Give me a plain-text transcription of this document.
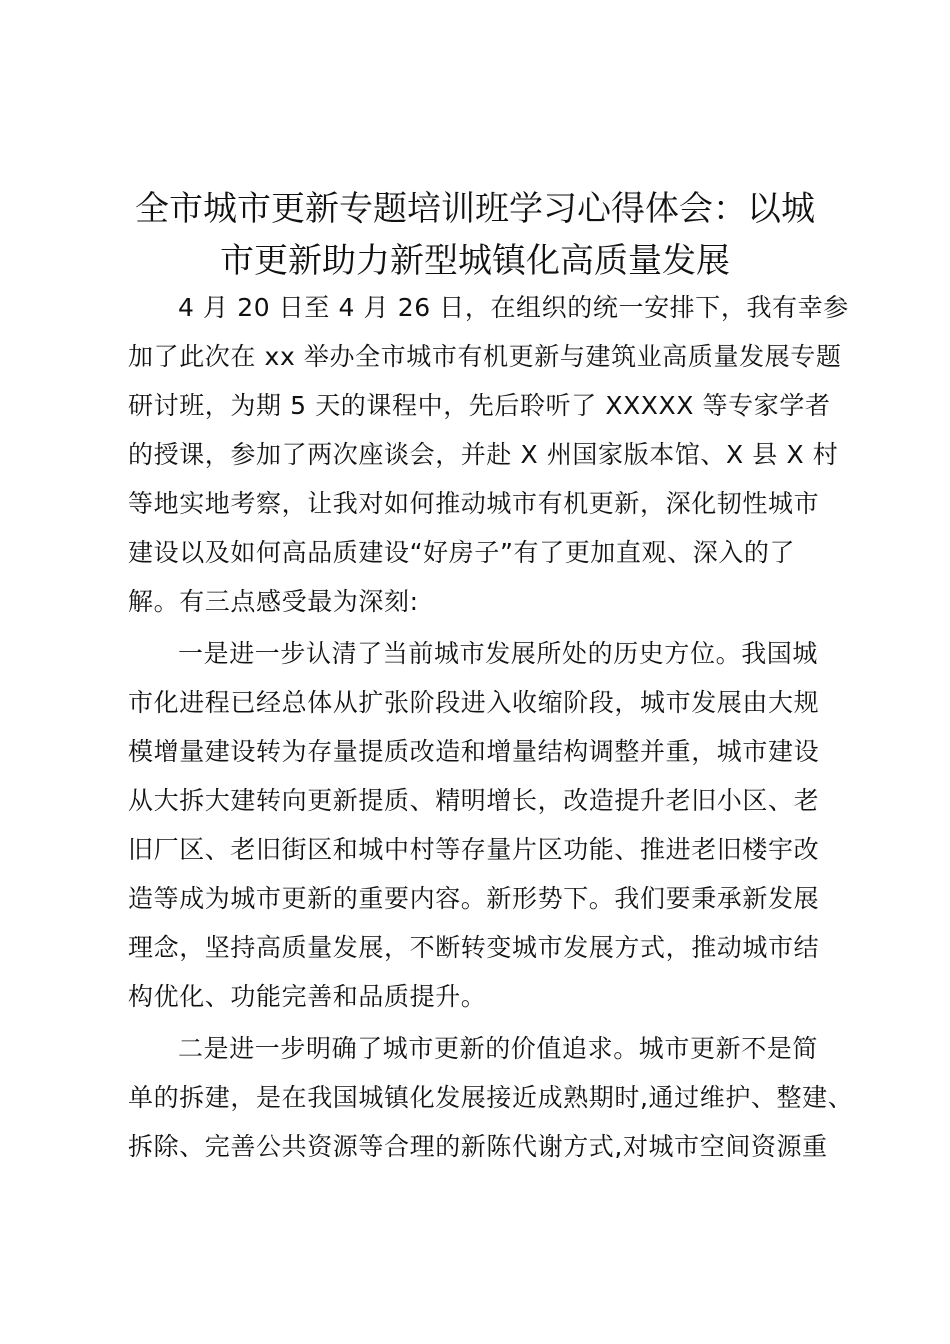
全市城市更新专题培训班学习心得体会：以城
市更新助力新型城镇化高质量发展

4 月 20 日至 4 月 26 日，在组织的统一安排下，我有幸参
加了此次在 xx 举办全市城市有机更新与建筑业高质量发展专题
研讨班，为期 5 天的课程中，先后聆听了 XXXXX 等专家学者
的授课，参加了两次座谈会，并赴 X 州国家版本馆、X 县 X 村
等地实地考察，让我对如何推动城市有机更新，深化韧性城市
建设以及如何高品质建设“好房子”有了更加直观、深入的了
解。有三点感受最为深刻:

一是进一步认清了当前城市发展所处的历史方位。我国城
市化进程已经总体从扩张阶段进入收缩阶段，城市发展由大规
模增量建设转为存量提质改造和增量结构调整并重，城市建设
从大拆大建转向更新提质、精明增长，改造提升老旧小区、老
旧厂区、老旧街区和城中村等存量片区功能、推进老旧楼宇改
造等成为城市更新的重要内容。新形势下。我们要秉承新发展
理念，坚持高质量发展，不断转变城市发展方式，推动城市结
构优化、功能完善和品质提升。

二是进一步明确了城市更新的价值追求。城市更新不是简
单的拆建，是在我国城镇化发展接近成熟期时,通过维护、整建、
拆除、完善公共资源等合理的新陈代谢方式,对城市空间资源重
